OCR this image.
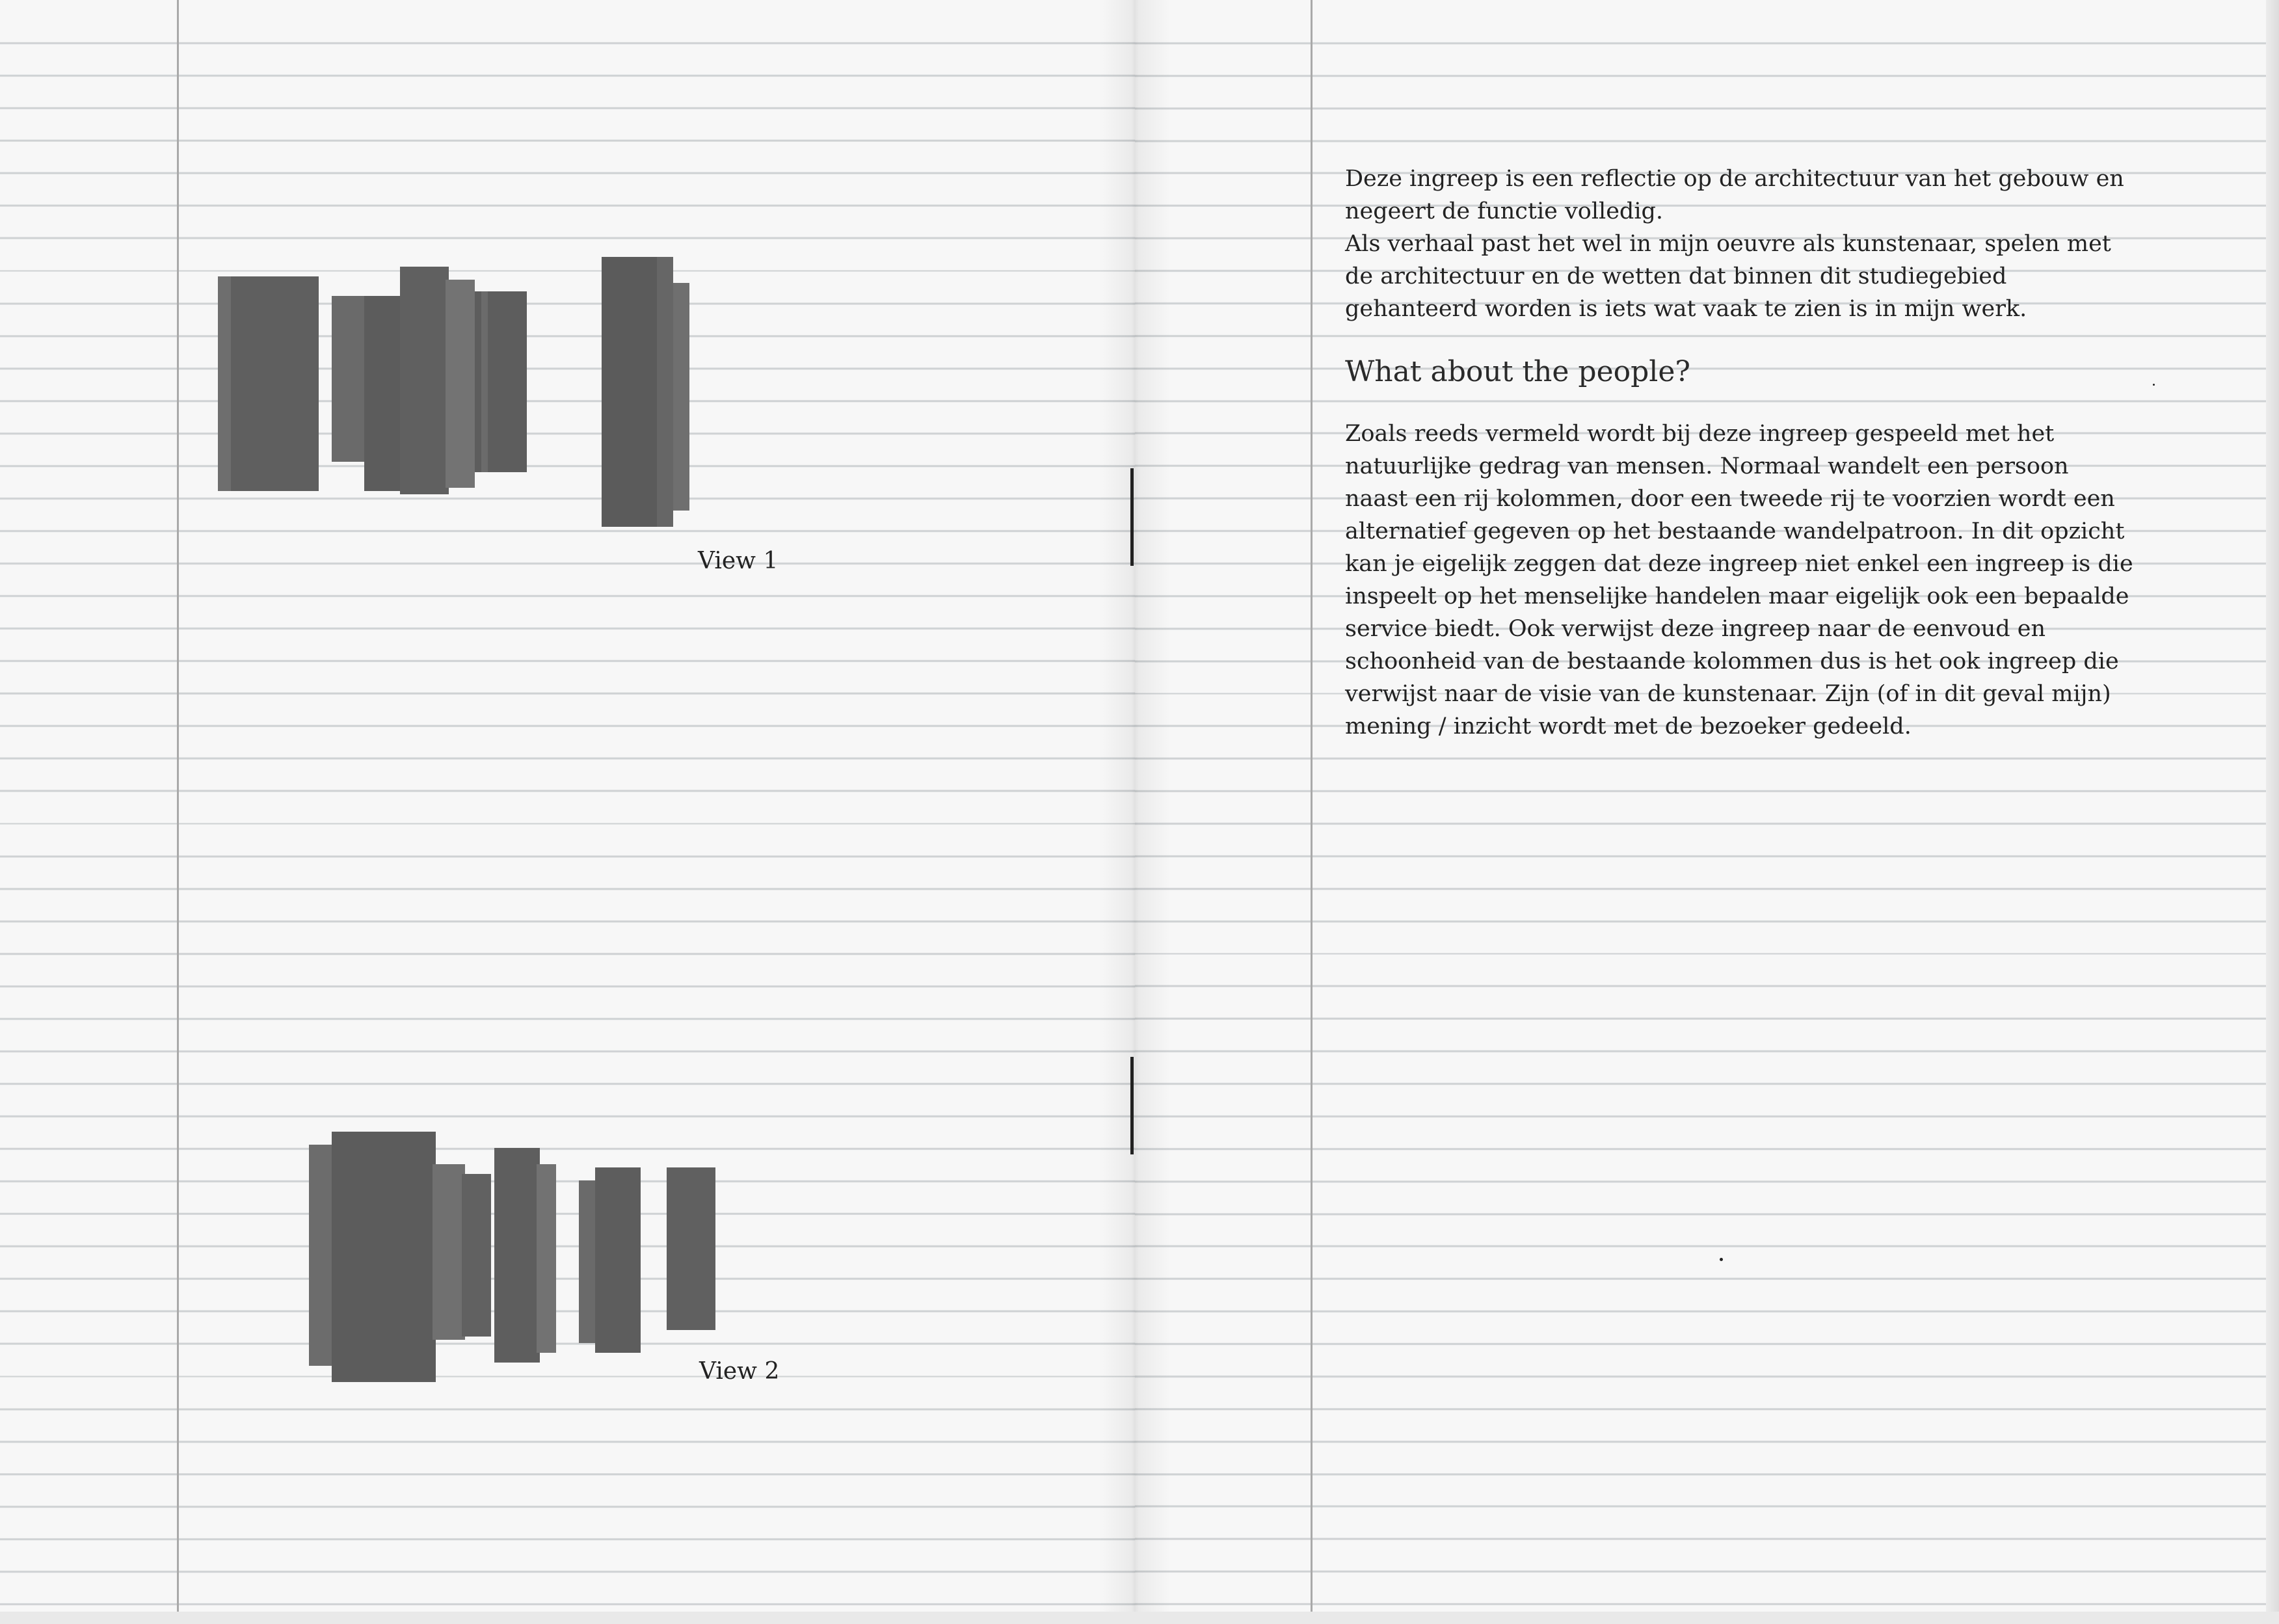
View 1
View 2

Deze ingreep is een reflectie op de architectuur van het gebouw en

negeert de functie volledig.

Als verhaal past het wel in mijn oeuvre als kunstenaar, spelen met

de architectuur en de wetten dat binnen dit studiegebied

gehanteerd worden is iets wat vaak te zien is in mijn werk.

What about the people?

Zoals reeds vermeld wordt bij deze ingreep gespeeld met het

natuurlijke gedrag van mensen. Normaal wandelt een persoon

naast een rij kolommen, door een tweede rij te voorzien wordt een

alternatief gegeven op het bestaande wandelpatroon. In dit opzicht

kan je eigelijk zeggen dat deze ingreep niet enkel een ingreep is die

inspeelt op het menselijke handelen maar eigelijk ook een bepaalde

service biedt. Ook verwijst deze ingreep naar de eenvoud en

schoonheid van de bestaande kolommen dus is het ook ingreep die

verwijst naar de visie van de kunstenaar. Zijn (of in dit geval mijn)

mening / inzicht wordt met de bezoeker gedeeld.
